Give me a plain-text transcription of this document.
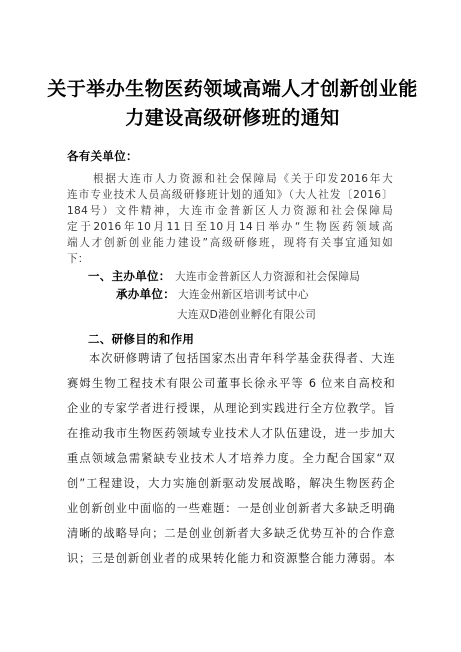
关于举办生物医药领域高端人才创新创业能
力建设高级研修班的通知
各有关单位：
根据大连市人力资源和社会保障局《关于印发2016年大
连市专业技术人员高级研修班计划的通知》（大人社发〔2016〕
184号）文件精神，大连市金普新区人力资源和社会保障局
定于2016年10月11日至10月14日举办“生物医药领域高
端人才创新创业能力建设”高级研修班，现将有关事宜通知如
下：
一、主办单位： 大连市金普新区人力资源和社会保障局
承办单位： 大连金州新区培训考试中心
大连双D港创业孵化有限公司
二、研修目的和作用
本次研修聘请了包括国家杰出青年科学基金获得者、大连
赛姆生物工程技术有限公司董事长徐永平等 6 位来自高校和
企业的专家学者进行授课，从理论到实践进行全方位教学。旨
在推动我市生物医药领域专业技术人才队伍建设，进一步加大
重点领域急需紧缺专业技术人才培养力度。全力配合国家“双
创”工程建设，大力实施创新驱动发展战略，解决生物医药企
业创新创业中面临的一些难题：一是创业创新者大多缺乏明确
清晰的战略导向；二是创业创新者大多缺乏优势互补的合作意
识；三是创新创业者的成果转化能力和资源整合能力薄弱。本
